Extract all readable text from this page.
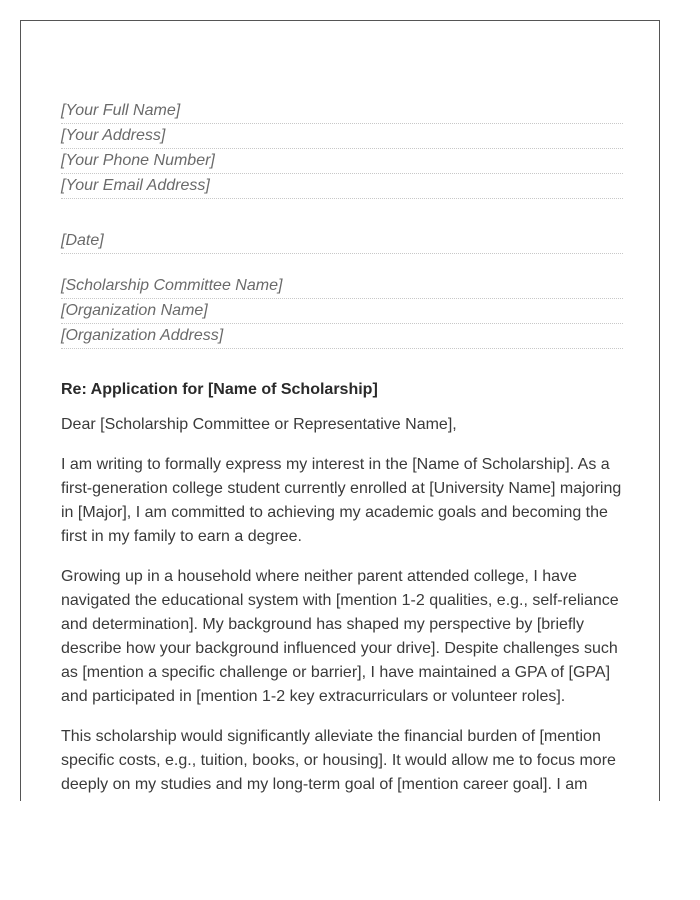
[Your Full Name]
[Your Address]
[Your Phone Number]
[Your Email Address]
[Date]
[Scholarship Committee Name]
[Organization Name]
[Organization Address]
Re: Application for [Name of Scholarship]
Dear [Scholarship Committee or Representative Name],
I am writing to formally express my interest in the [Name of Scholarship]. As a first-generation college student currently enrolled at [University Name] majoring in [Major], I am committed to achieving my academic goals and becoming the first in my family to earn a degree.
Growing up in a household where neither parent attended college, I have navigated the educational system with [mention 1-2 qualities, e.g., self-reliance and determination]. My background has shaped my perspective by [briefly describe how your background influenced your drive]. Despite challenges such as [mention a specific challenge or barrier], I have maintained a GPA of [GPA] and participated in [mention 1-2 key extracurriculars or volunteer roles].
This scholarship would significantly alleviate the financial burden of [mention specific costs, e.g., tuition, books, or housing]. It would allow me to focus more deeply on my studies and my long-term goal of [mention career goal]. I am
